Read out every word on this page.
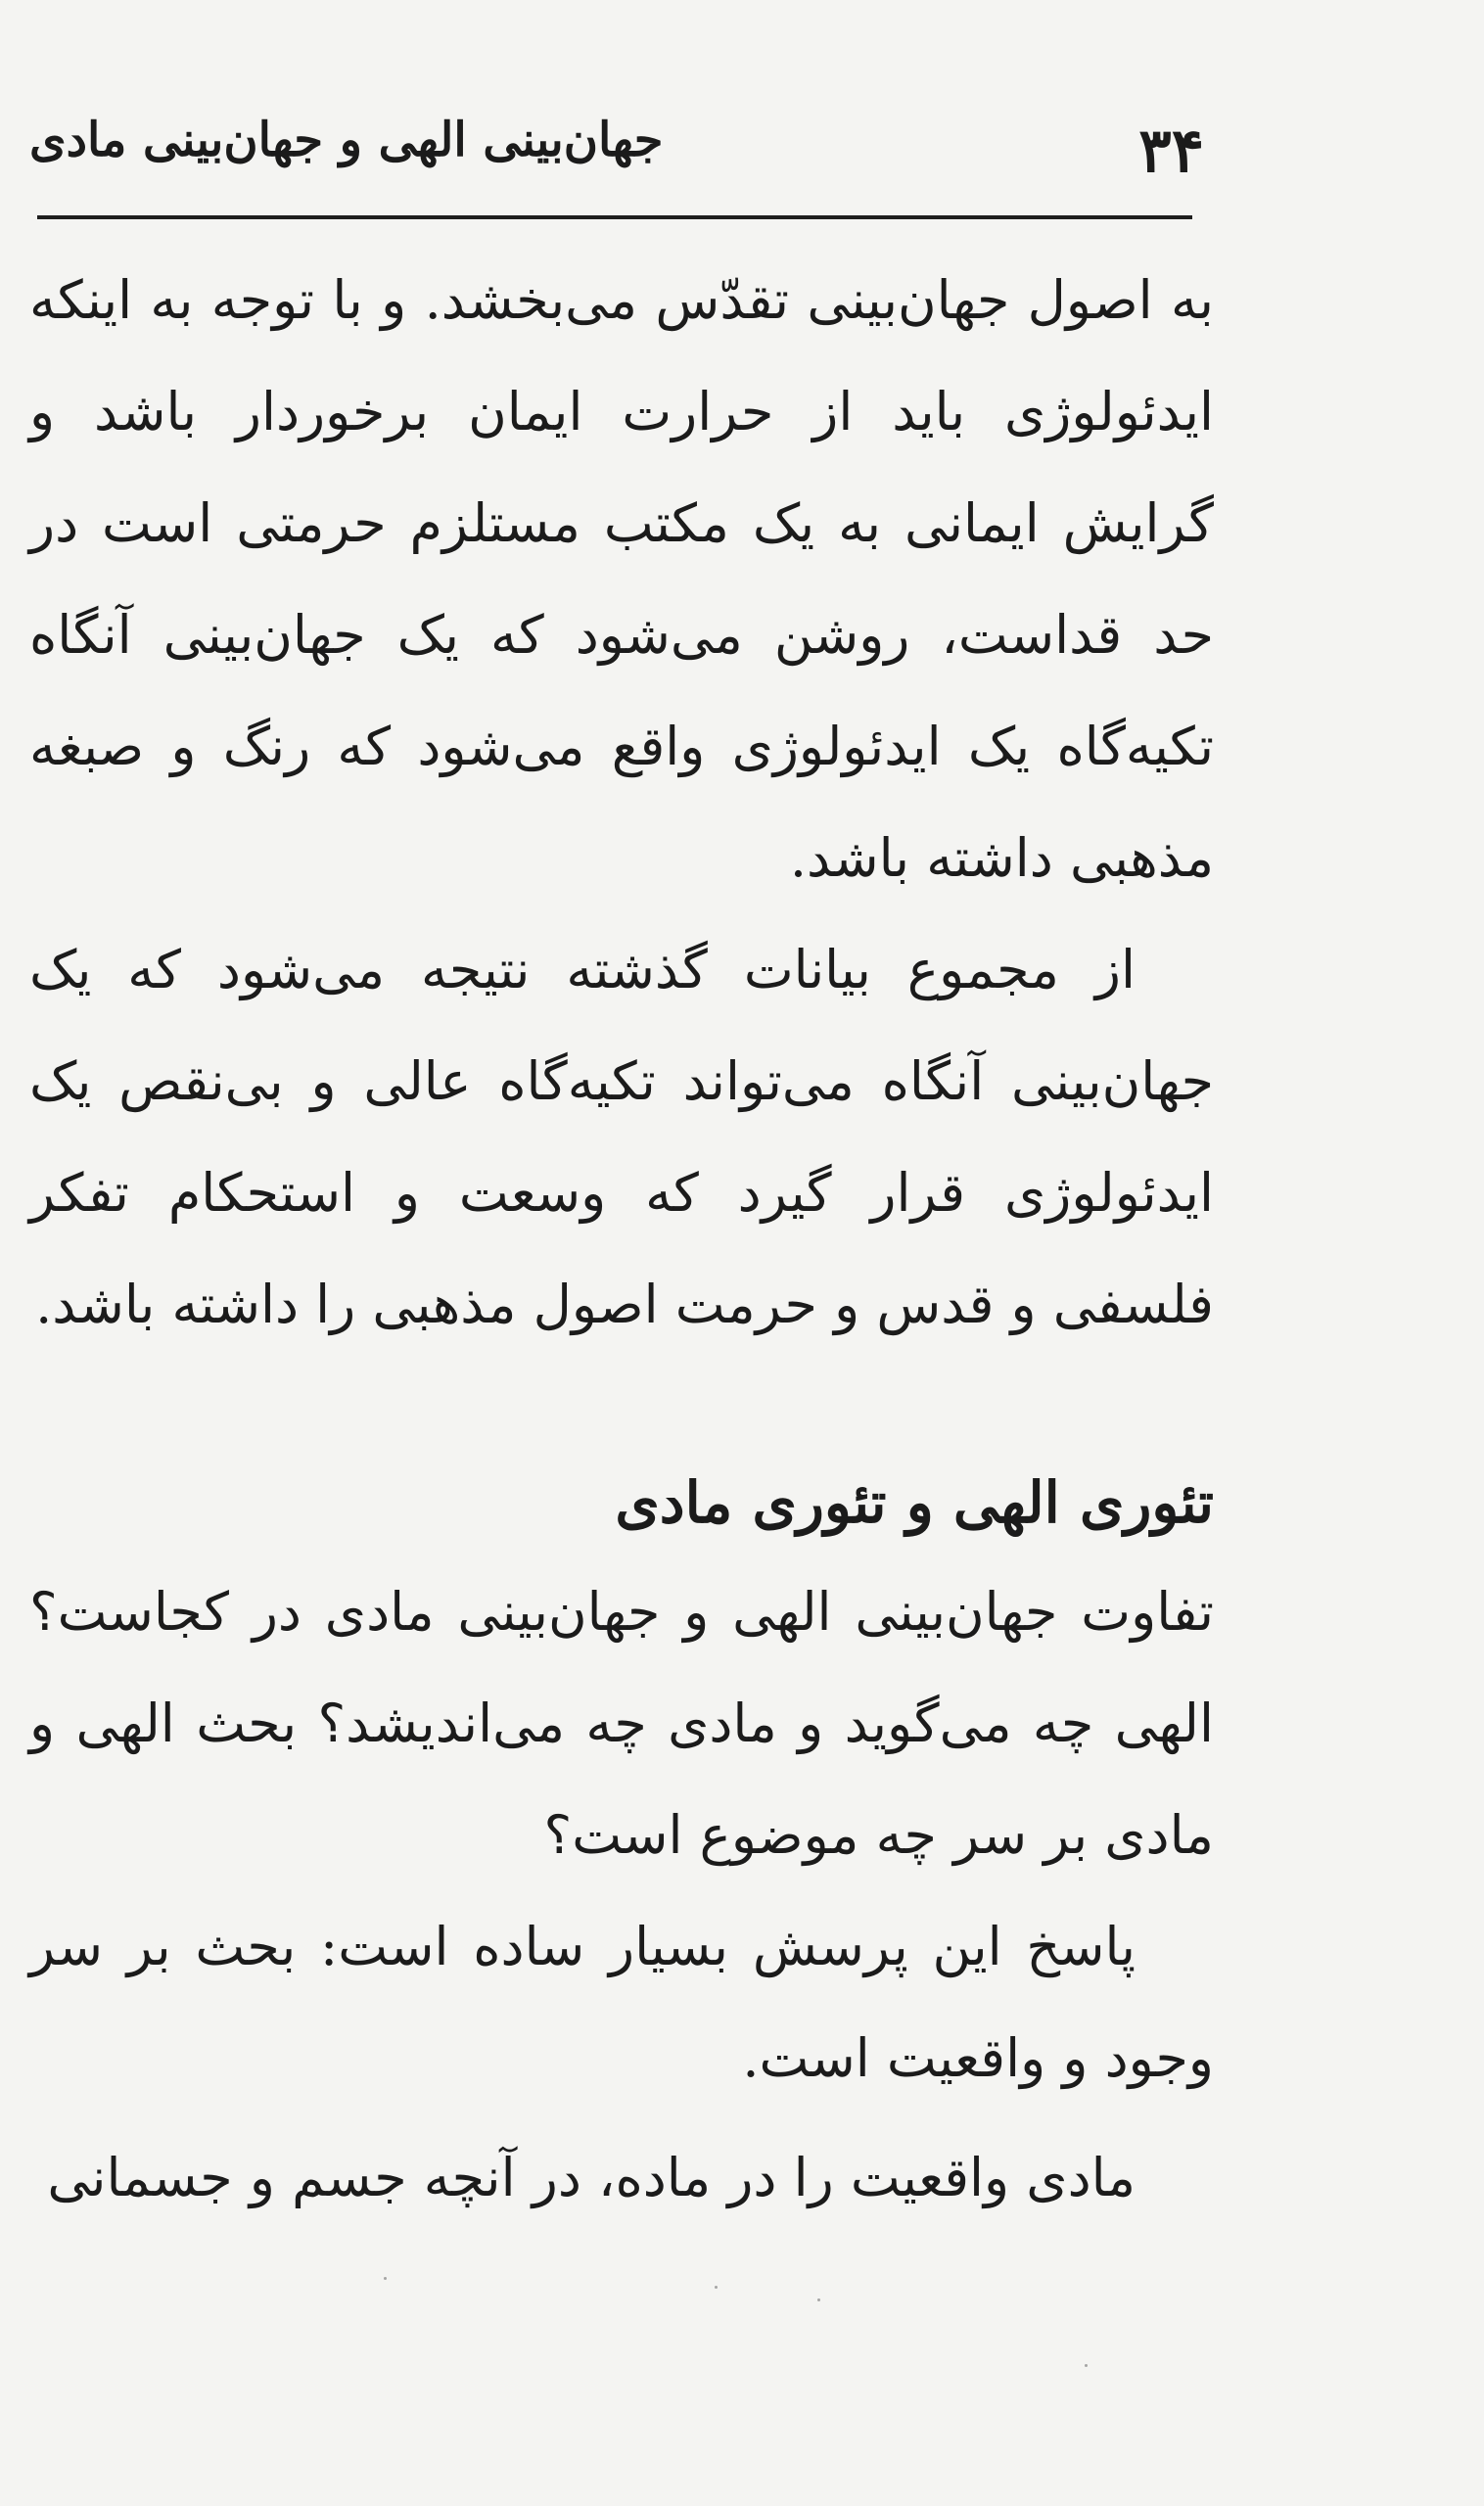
۳۴
جهان‌بینی الهی و جهان‌بینی مادی

به اصول جهان‌بینی تقدّس می‌بخشد. و با توجه به اینکه ایدئولوژی باید از حرارت ایمان برخوردار باشد و گرایش ایمانی به یک مکتب مستلزم حرمتی است در حد قداست، روشن می‌شود که یک جهان‌بینی آنگاه تکیه‌گاه یک ایدئولوژی واقع می‌شود که رنگ و صبغه مذهبی داشته باشد.

از مجموع بیانات گذشته نتیجه می‌شود که یک جهان‌بینی آنگاه می‌تواند تکیه‌گاه عالی و بی‌نقص یک ایدئولوژی قرار گیرد که وسعت و استحکام تفکر فلسفی و قدس و حرمت اصول مذهبی را داشته باشد.

تئوری الهی و تئوری مادی

تفاوت جهان‌بینی الهی و جهان‌بینی مادی در کجاست؟ الهی چه می‌گوید و مادی چه می‌اندیشد؟ بحث الهی و مادی بر سر چه موضوع است؟

پاسخ این پرسش بسیار ساده است: بحث بر سر وجود و واقعیت است.

مادی واقعیت را در ماده، در آنچه جسم و جسمانی
